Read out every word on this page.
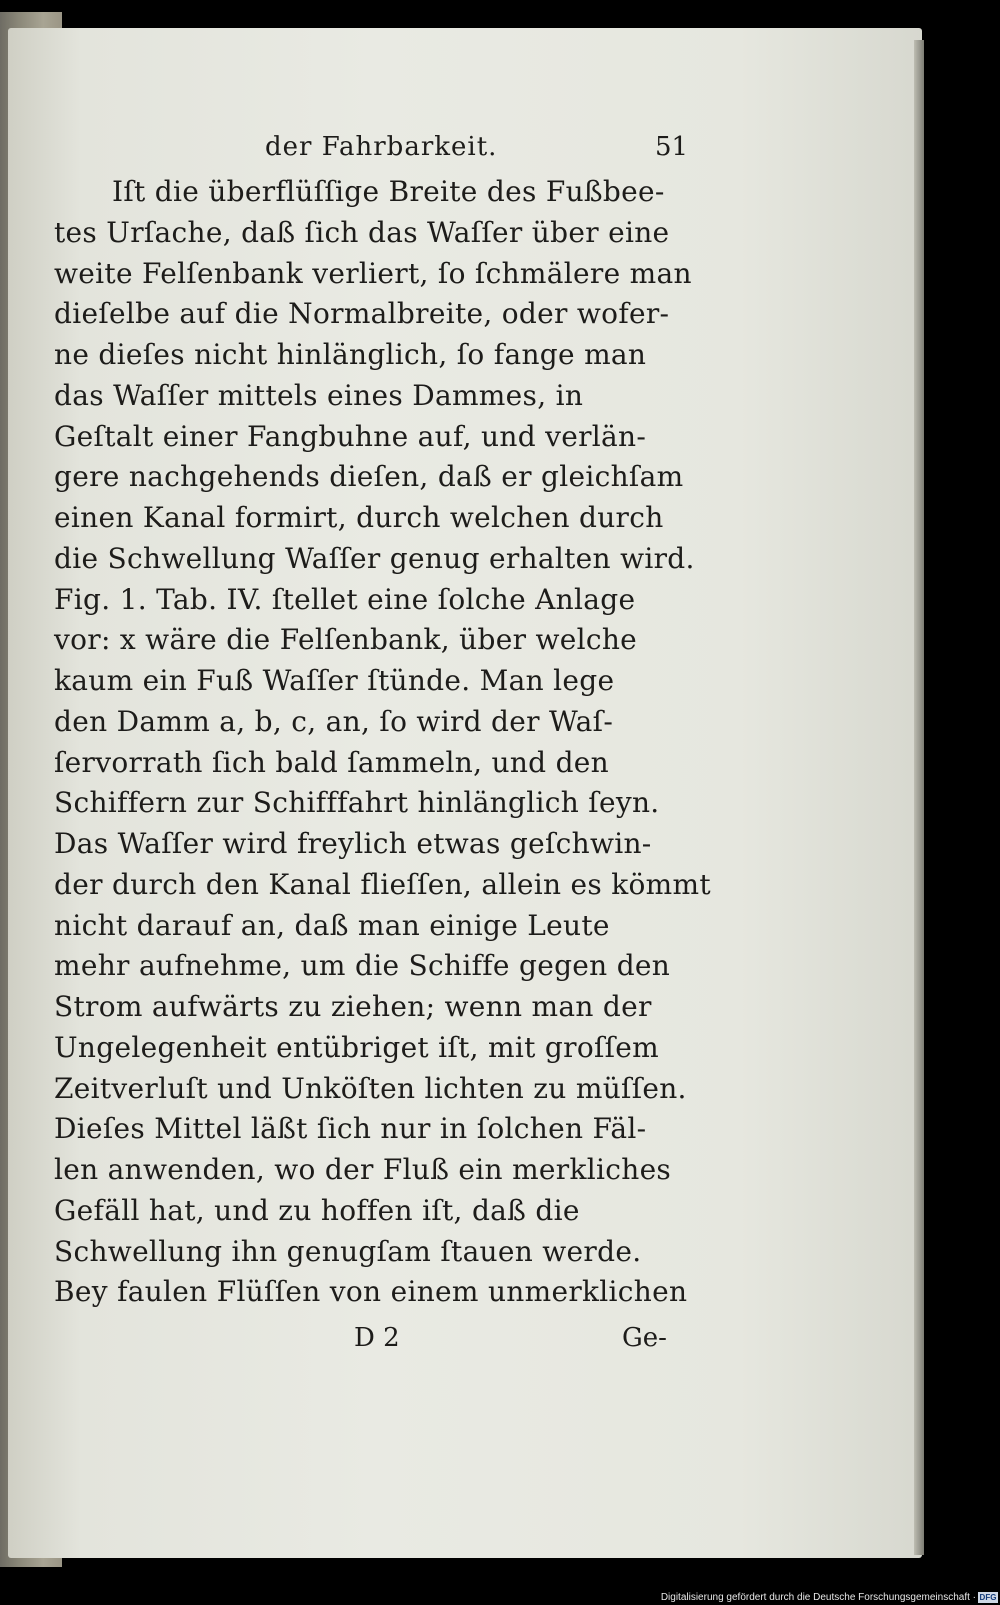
der Fahrbarkeit.	51
Iſt die überflüſſige Breite des Fußbee-
tes Urſache, daß ſich das Waſſer über eine
weite Felſenbank verliert, ſo ſchmälere man
dieſelbe auf die Normalbreite, oder wofer-
ne dieſes nicht hinlänglich, ſo fange man
das Waſſer mittels eines Dammes, in
Geſtalt einer Fangbuhne auf, und verlän-
gere nachgehends dieſen, daß er gleichſam
einen Kanal formirt, durch welchen durch
die Schwellung Waſſer genug erhalten wird.
Fig. 1. Tab. IV. ſtellet eine ſolche Anlage
vor: x wäre die Felſenbank, über welche
kaum ein Fuß Waſſer ſtünde. Man lege
den Damm a, b, c, an, ſo wird der Waſ-
ſervorrath ſich bald ſammeln, und den
Schiffern zur Schifffahrt hinlänglich ſeyn.
Das Waſſer wird freylich etwas geſchwin-
der durch den Kanal flieſſen, allein es kömmt
nicht darauf an, daß man einige Leute
mehr aufnehme, um die Schiffe gegen den
Strom aufwärts zu ziehen; wenn man der
Ungelegenheit entübriget iſt, mit groſſem
Zeitverluſt und Unköſten lichten zu müſſen.
Dieſes Mittel läßt ſich nur in ſolchen Fäl-
len anwenden, wo der Fluß ein merkliches
Gefäll hat, und zu hoffen iſt, daß die
Schwellung ihn genugſam ſtauen werde.
Bey faulen Flüſſen von einem unmerklichen
D 2	Ge-
Digitalisierung gefördert durch die Deutsche Forschungsgemeinschaft · DFG
